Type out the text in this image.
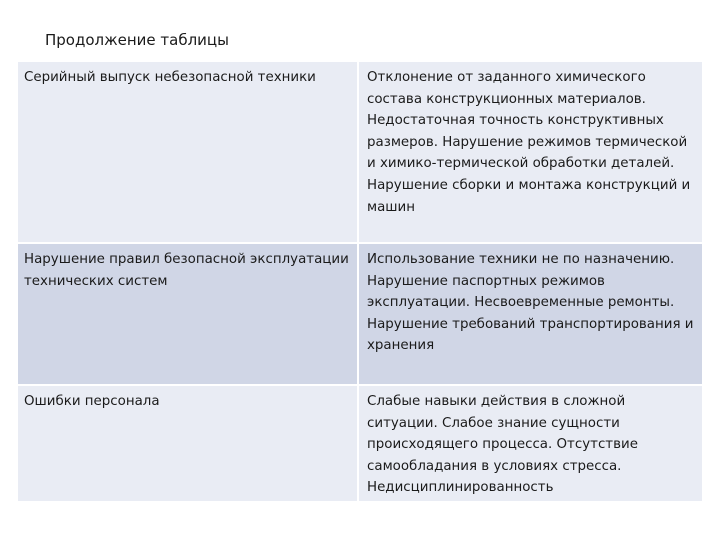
Продолжение таблицы
Серийный выпуск небезопасной техники	Отклонение от заданного химического состава конструкционных материалов. Недостаточная точность конструктивных размеров. Нарушение режимов термической и химико-термической обработки деталей. Нарушение сборки и монтажа конструкций и машин
Нарушение правил безопасной эксплуатации технических систем
Использование техники не по назначению. Нарушение паспортных режимов эксплуатации. Несвоевременные ремонты. Нарушение требований транспортирования и хранения
Ошибки персонала	Слабые навыки действия в сложной ситуации. Слабое знание сущности происходящего процесса. Отсутствие самообладания в условиях стресса. Недисциплинированность
